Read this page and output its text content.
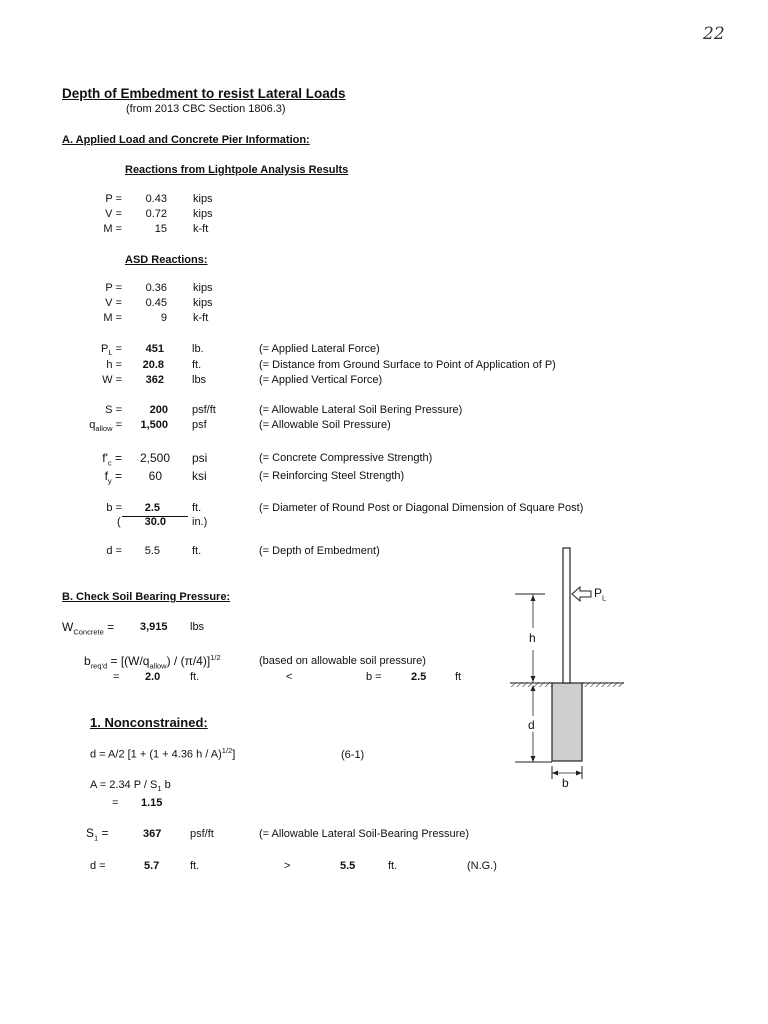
22
Depth of Embedment to resist Lateral Loads
(from 2013 CBC Section 1806.3)
A. Applied Load and Concrete Pier Information:
Reactions from Lightpole Analysis Results
P =	0.43 kips
V =	0.72 kips
M =	15 k-ft
ASD Reactions:
P =	0.36 kips
V =	0.45 kips
M =	9 k-ft
$P_L$ =	451	lb.	(= Applied Lateral Force)
h =	20.8	ft.	(= Distance from Ground Surface to Point of Application of P)
W =	362	lbs	(= Applied Vertical Force)
S =	200 psf/ft	(= Allowable Lateral Soil Bering Pressure)
$q_{allow}$ =	1,500 psf	(= Allowable Soil Pressure)
$f'_c$ =	2,500 psi	(= Concrete Compressive Strength)
$f_y$ =	60	ksi	(= Reinforcing Steel Strength)
b =	2.5	ft.	(= Diameter of Round Post or Diagonal Dimension of Square Post)
(	30.0 in.)
d =	5.5	ft.	(= Depth of Embedment)
B. Check Soil Bearing Pressure:
$W_{Concrete} = 3,915$ lbs
$b_{req'd} = [(W/q_{allow}) / (\pi/4)]^{1/2}$	(based on allowable soil pressure)
= 2.0	ft.	<	b =	2.5	ft
1. Nonconstrained:
d = A/2 [1 + (1 + 4.36 h / A)$^{1/2}$]	(6-1)
A = 2.34 P / $S_1$ b
= 1.15
$S_1$ =	367	psf/ft	(= Allowable Lateral Soil-Bearing Pressure)
d =	5.7	ft.	>	5.5	ft.	(N.G.)
$P_L$
h
d
b
